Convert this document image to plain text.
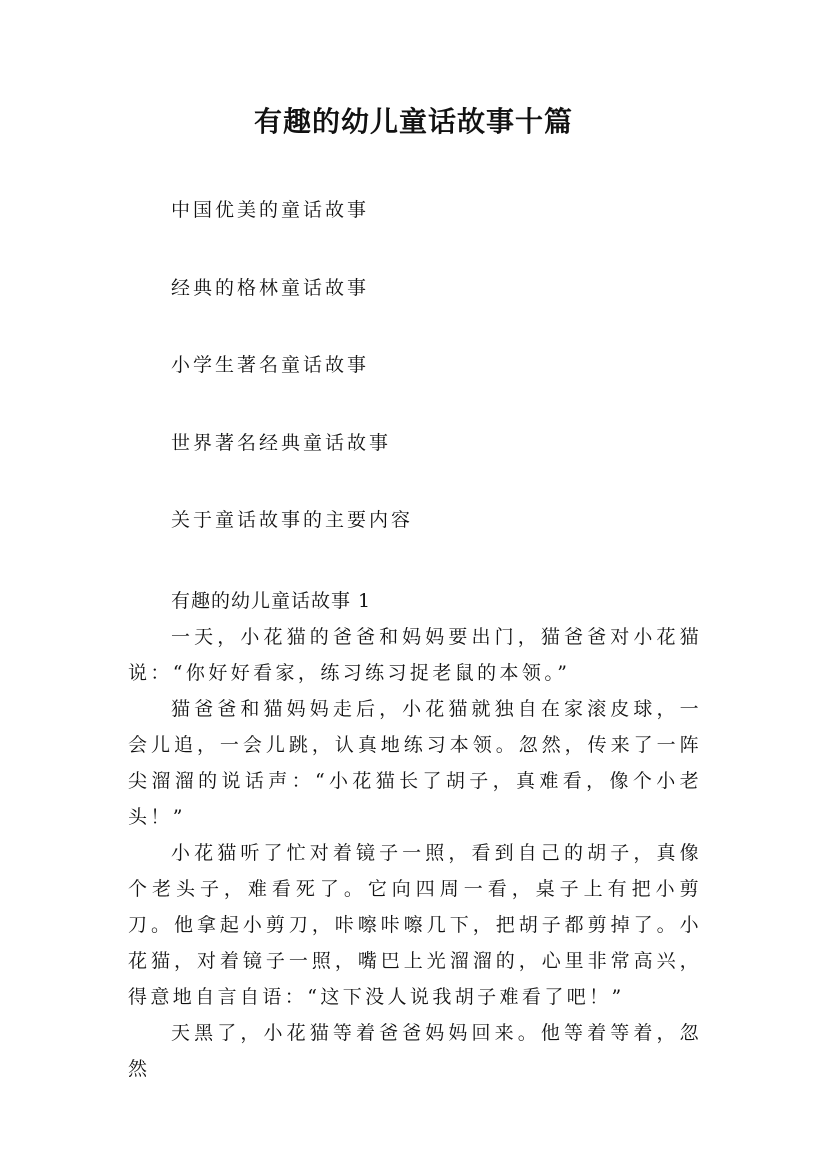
有趣的幼儿童话故事十篇
中国优美的童话故事
经典的格林童话故事
小学生著名童话故事
世界著名经典童话故事
关于童话故事的主要内容
有趣的幼儿童话故事 1

一天，小花猫的爸爸和妈妈要出门，猫爸爸对小花猫说：“你好好看家，练习练习捉老鼠的本领。”

猫爸爸和猫妈妈走后，小花猫就独自在家滚皮球，一会儿追，一会儿跳，认真地练习本领。忽然，传来了一阵尖溜溜的说话声：“小花猫长了胡子，真难看，像个小老头！”

小花猫听了忙对着镜子一照，看到自己的胡子，真像个老头子，难看死了。它向四周一看，桌子上有把小剪刀。他拿起小剪刀，咔嚓咔嚓几下，把胡子都剪掉了。小花猫，对着镜子一照，嘴巴上光溜溜的，心里非常高兴，得意地自言自语：“这下没人说我胡子难看了吧！”

天黑了，小花猫等着爸爸妈妈回来。他等着等着，忽然
